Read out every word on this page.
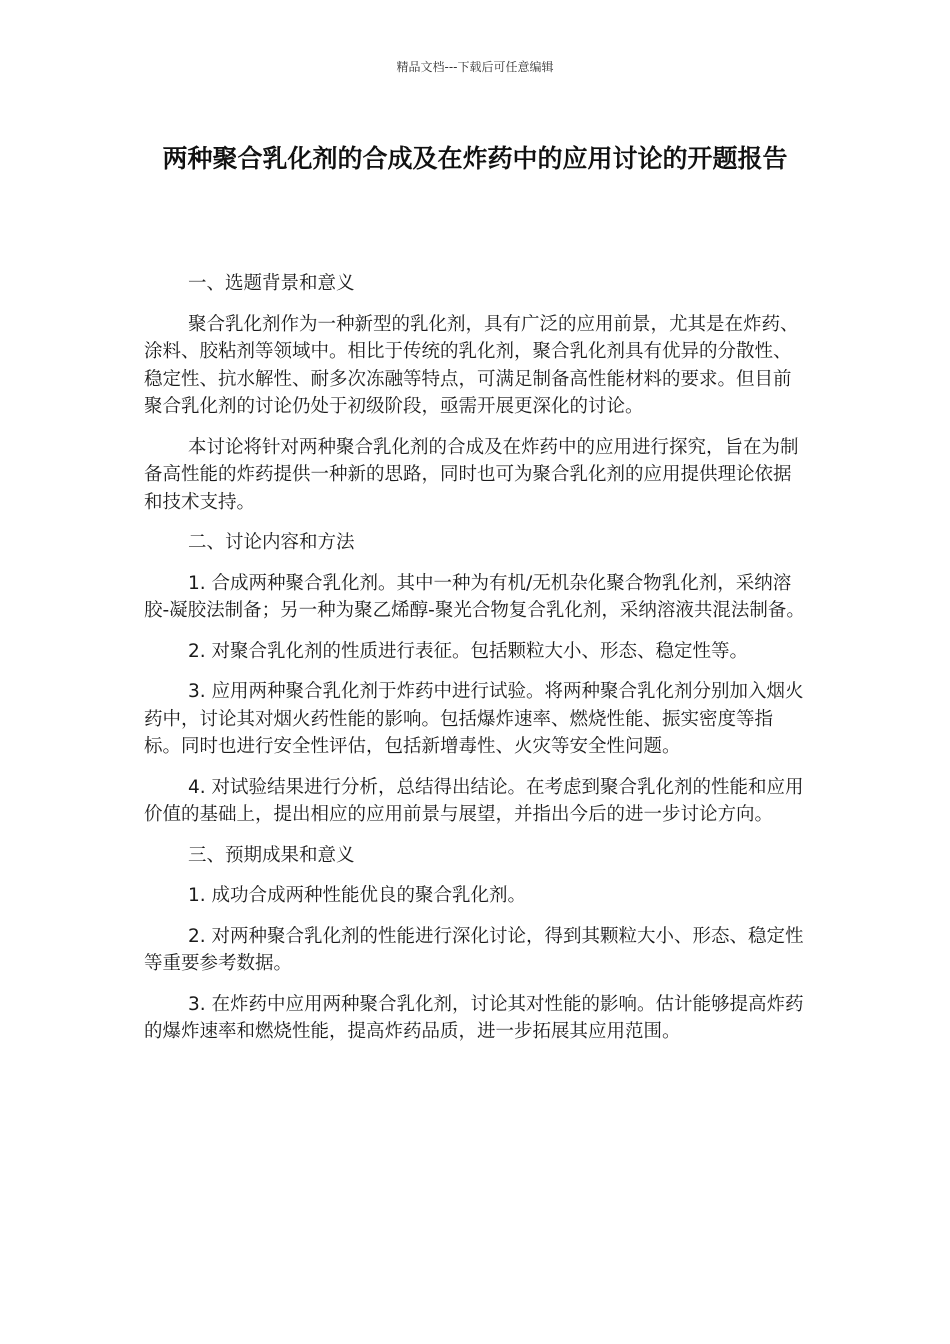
精品文档---下载后可任意编辑
两种聚合乳化剂的合成及在炸药中的应用讨论的开题报告
一、选题背景和意义

聚合乳化剂作为一种新型的乳化剂，具有广泛的应用前景，尤其是在炸药、涂料、胶粘剂等领域中。相比于传统的乳化剂，聚合乳化剂具有优异的分散性、稳定性、抗水解性、耐多次冻融等特点，可满足制备高性能材料的要求。但目前聚合乳化剂的讨论仍处于初级阶段，亟需开展更深化的讨论。

本讨论将针对两种聚合乳化剂的合成及在炸药中的应用进行探究，旨在为制备高性能的炸药提供一种新的思路，同时也可为聚合乳化剂的应用提供理论依据和技术支持。

二、讨论内容和方法

1. 合成两种聚合乳化剂。其中一种为有机/无机杂化聚合物乳化剂，采纳溶胶-凝胶法制备；另一种为聚乙烯醇-聚光合物复合乳化剂，采纳溶液共混法制备。

2. 对聚合乳化剂的性质进行表征。包括颗粒大小、形态、稳定性等。

3. 应用两种聚合乳化剂于炸药中进行试验。将两种聚合乳化剂分别加入烟火药中，讨论其对烟火药性能的影响。包括爆炸速率、燃烧性能、振实密度等指标。同时也进行安全性评估，包括新增毒性、火灾等安全性问题。

4. 对试验结果进行分析，总结得出结论。在考虑到聚合乳化剂的性能和应用价值的基础上，提出相应的应用前景与展望，并指出今后的进一步讨论方向。

三、预期成果和意义

1. 成功合成两种性能优良的聚合乳化剂。

2. 对两种聚合乳化剂的性能进行深化讨论，得到其颗粒大小、形态、稳定性等重要参考数据。

3. 在炸药中应用两种聚合乳化剂，讨论其对性能的影响。估计能够提高炸药的爆炸速率和燃烧性能，提高炸药品质，进一步拓展其应用范围。
